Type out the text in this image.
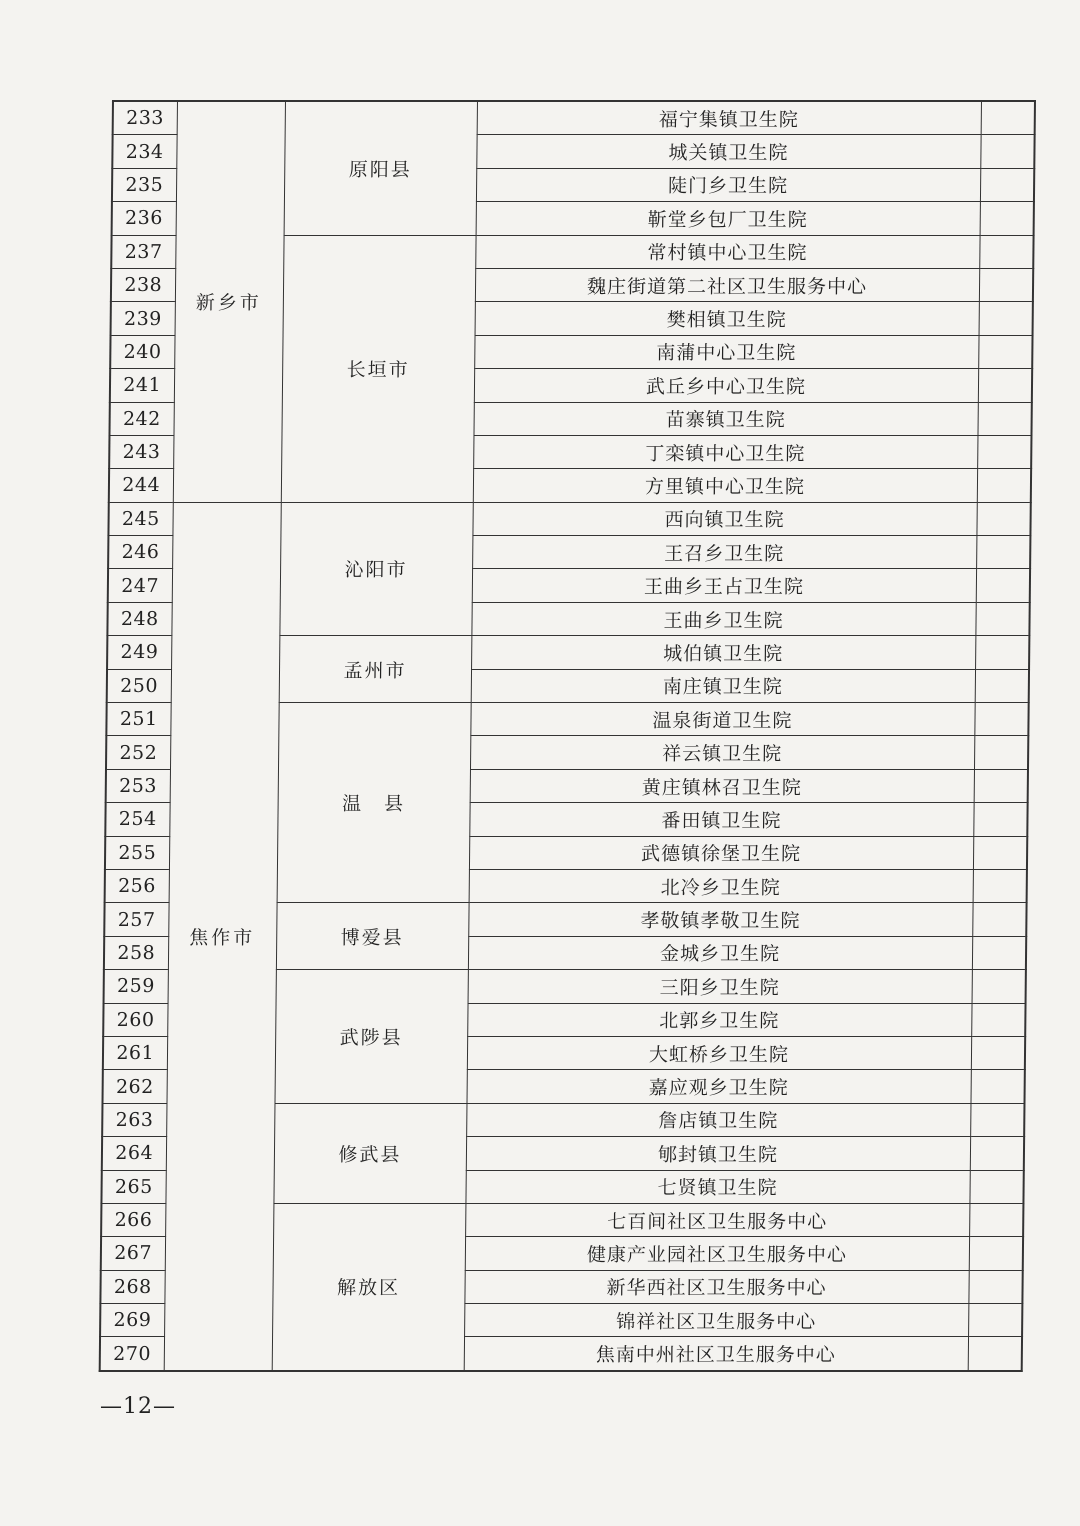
233	新乡市	原阳县	福宁集镇卫生院	
234			城关镇卫生院	
235			陡门乡卫生院	
236			靳堂乡包厂卫生院	
237		长垣市	常村镇中心卫生院	
238			魏庄街道第二社区卫生服务中心	
239			樊相镇卫生院	
240			南蒲中心卫生院	
241			武丘乡中心卫生院	
242			苗寨镇卫生院	
243			丁栾镇中心卫生院	
244			方里镇中心卫生院	
245	焦作市	沁阳市	西向镇卫生院	
246			王召乡卫生院	
247			王曲乡王占卫生院	
248			王曲乡卫生院	
249		孟州市	城伯镇卫生院	
250			南庄镇卫生院	
251		温　县	温泉街道卫生院	
252			祥云镇卫生院	
253			黄庄镇林召卫生院	
254			番田镇卫生院	
255			武德镇徐堡卫生院	
256			北冷乡卫生院	
257		博爱县	孝敬镇孝敬卫生院	
258			金城乡卫生院	
259		武陟县	三阳乡卫生院	
260			北郭乡卫生院	
261			大虹桥乡卫生院	
262			嘉应观乡卫生院	
263		修武县	詹店镇卫生院	
264			郇封镇卫生院	
265			七贤镇卫生院	
266		解放区	七百间社区卫生服务中心	
267			健康产业园社区卫生服务中心	
268			新华西社区卫生服务中心	
269			锦祥社区卫生服务中心	
270			焦南中州社区卫生服务中心	
—12—
